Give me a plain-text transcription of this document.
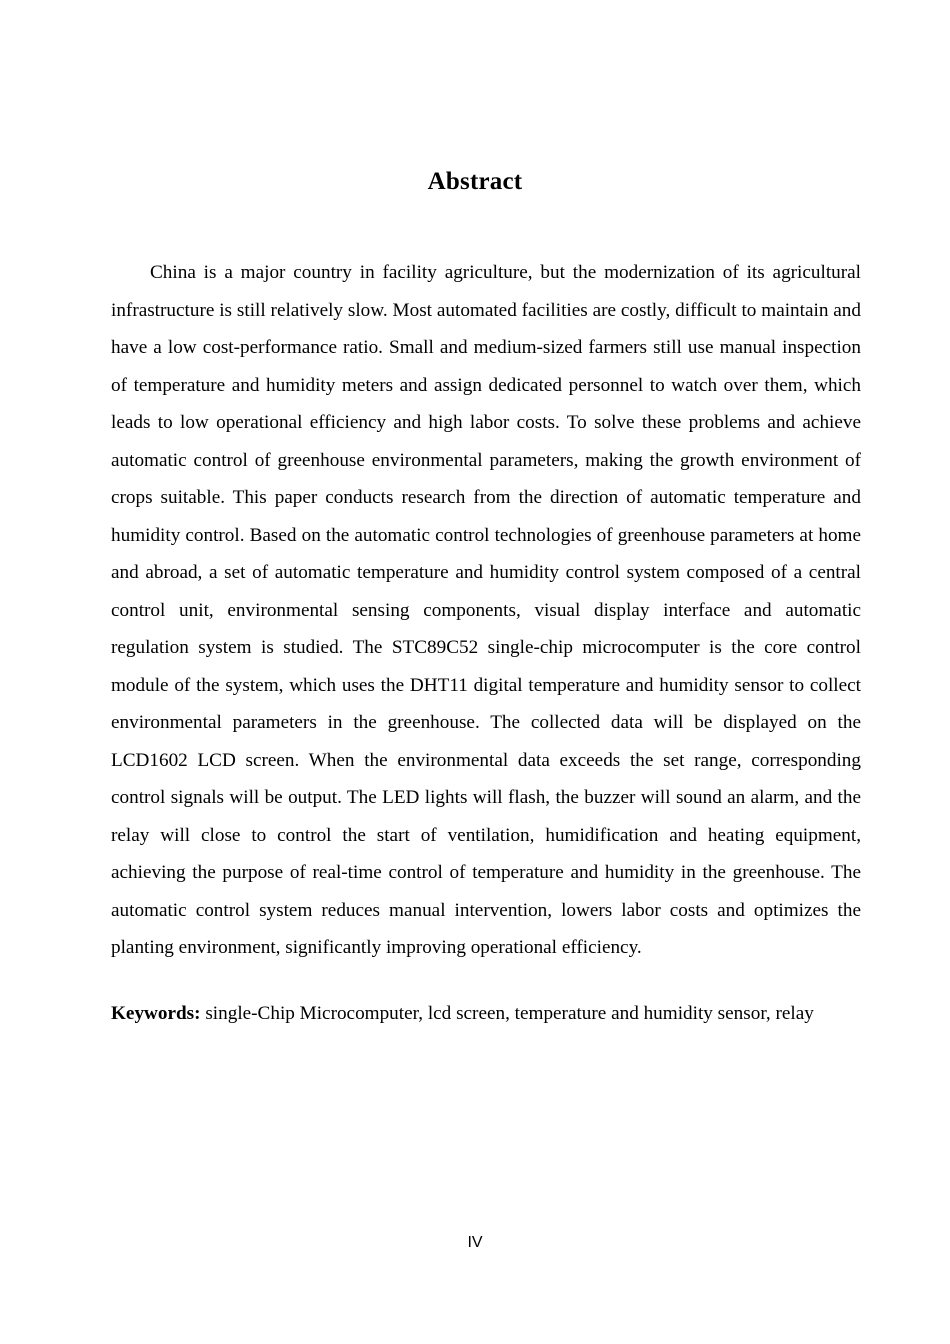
Abstract

China is a major country in facility agriculture, but the modernization of its agricultural infrastructure is still relatively slow. Most automated facilities are costly, difficult to maintain and have a low cost-performance ratio. Small and medium-sized farmers still use manual inspection of temperature and humidity meters and assign dedicated personnel to watch over them, which leads to low operational efficiency and high labor costs. To solve these problems and achieve automatic control of greenhouse environmental parameters, making the growth environment of crops suitable. This paper conducts research from the direction of automatic temperature and humidity control. Based on the automatic control technologies of greenhouse parameters at home and abroad, a set of automatic temperature and humidity control system composed of a central control unit, environmental sensing components, visual display interface and automatic regulation system is studied. The STC89C52 single-chip microcomputer is the core control module of the system, which uses the DHT11 digital temperature and humidity sensor to collect environmental parameters in the greenhouse. The collected data will be displayed on the LCD1602 LCD screen. When the environmental data exceeds the set range, corresponding control signals will be output. The LED lights will flash, the buzzer will sound an alarm, and the relay will close to control the start of ventilation, humidification and heating equipment, achieving the purpose of real-time control of temperature and humidity in the greenhouse. The automatic control system reduces manual intervention, lowers labor costs and optimizes the planting environment, significantly improving operational efficiency.

Keywords: single-Chip Microcomputer, lcd screen, temperature and humidity sensor, relay
IV
